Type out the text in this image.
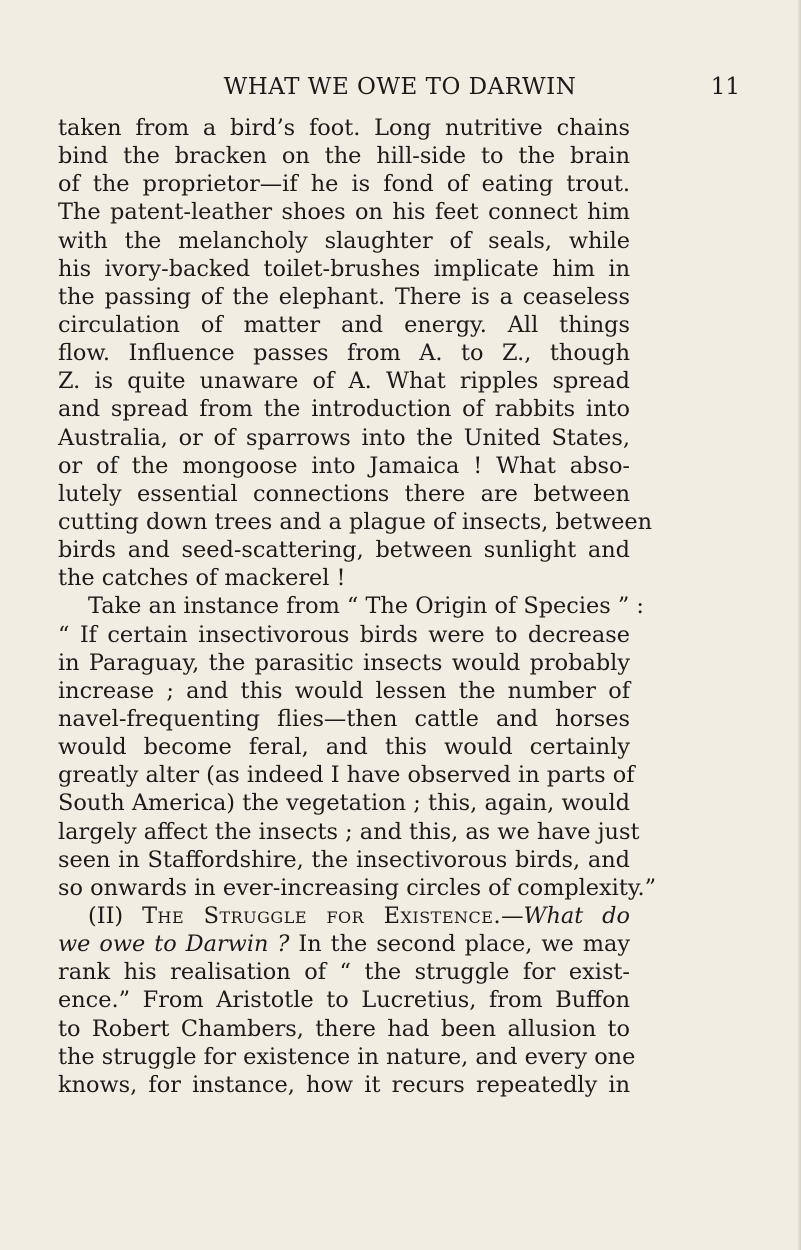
WHAT WE OWE TO DARWIN	11
taken from a bird’s foot. Long nutritive chains
bind the bracken on the hill-side to the brain
of the proprietor—if he is fond of eating trout.
The patent-leather shoes on his feet connect him
with the melancholy slaughter of seals, while
his ivory-backed toilet-brushes implicate him in
the passing of the elephant. There is a ceaseless
circulation of matter and energy. All things
flow. Influence passes from A. to Z., though
Z. is quite unaware of A. What ripples spread
and spread from the introduction of rabbits into
Australia, or of sparrows into the United States,
or of the mongoose into Jamaica ! What abso-
lutely essential connections there are between
cutting down trees and a plague of insects, between
birds and seed-scattering, between sunlight and
the catches of mackerel !
Take an instance from “ The Origin of Species ” :
“ If certain insectivorous birds were to decrease
in Paraguay, the parasitic insects would probably
increase ; and this would lessen the number of
navel-frequenting flies—then cattle and horses
would become feral, and this would certainly
greatly alter (as indeed I have observed in parts of
South America) the vegetation ; this, again, would
largely affect the insects ; and this, as we have just
seen in Staffordshire, the insectivorous birds, and
so onwards in ever-increasing circles of complexity.”
(II) The Struggle for Existence.—What do
we owe to Darwin ? In the second place, we may
rank his realisation of “ the struggle for exist-
ence.” From Aristotle to Lucretius, from Buffon
to Robert Chambers, there had been allusion to
the struggle for existence in nature, and every one
knows, for instance, how it recurs repeatedly in
